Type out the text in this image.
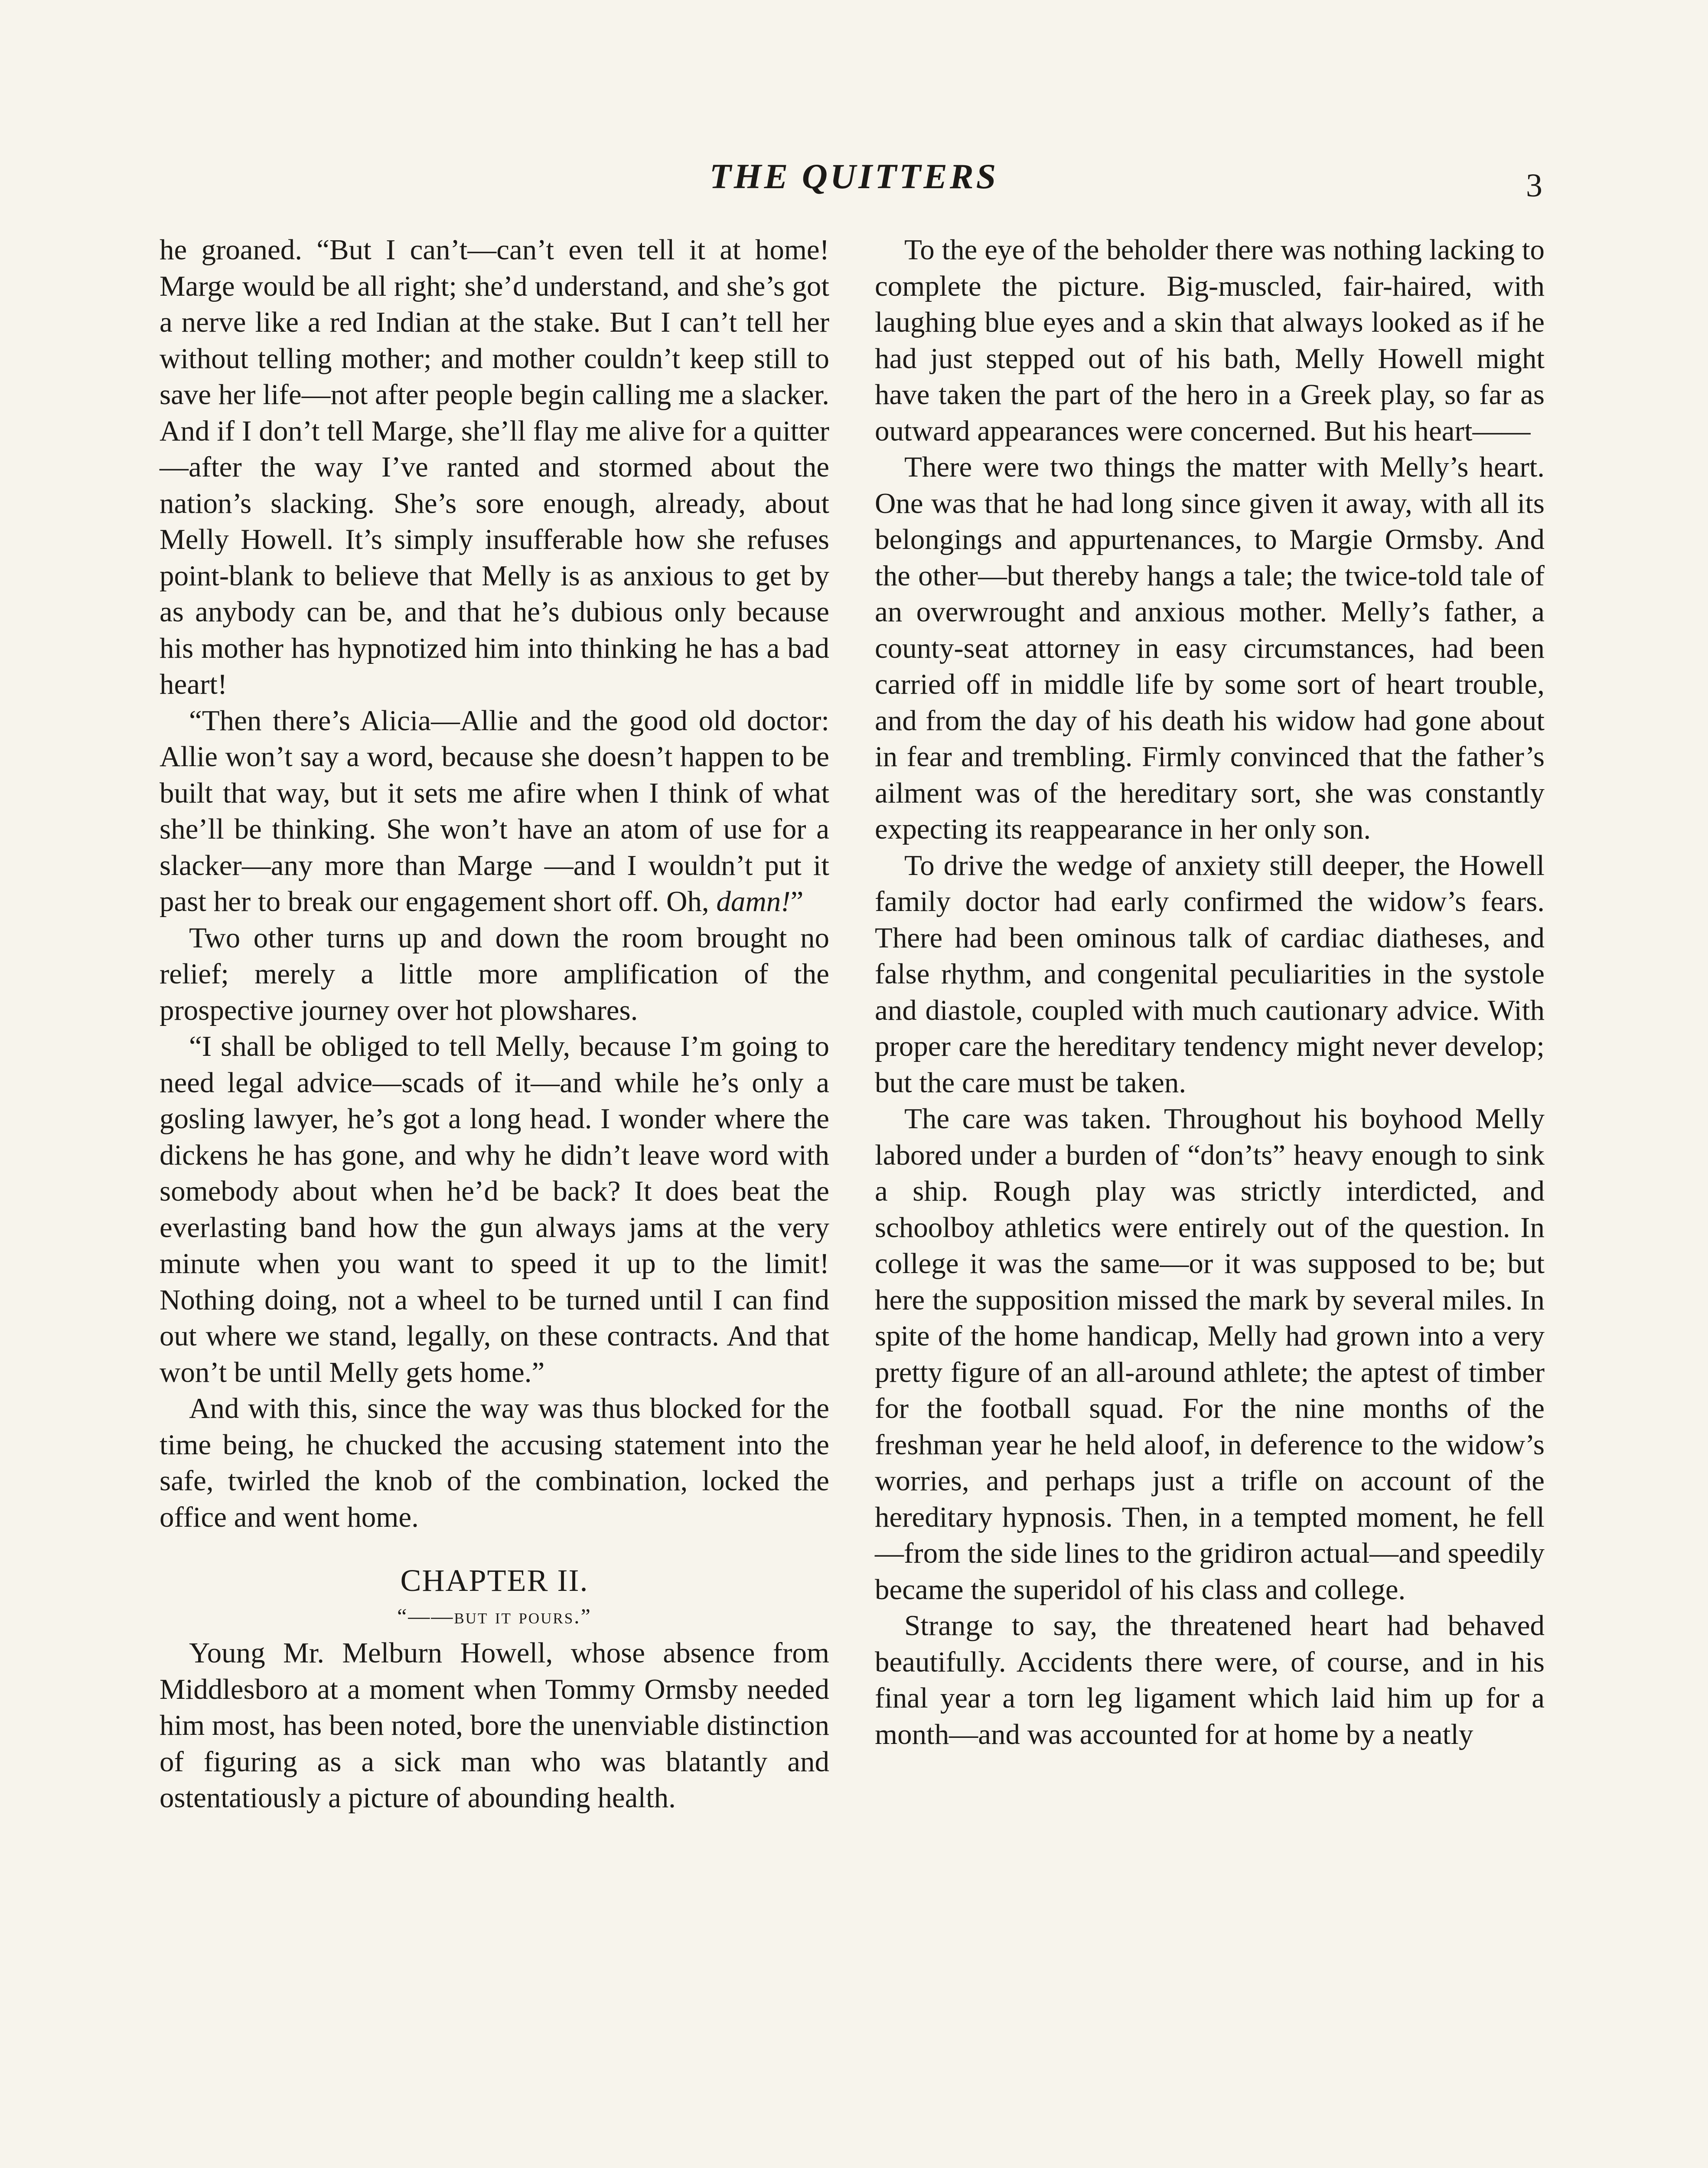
THE QUITTERS	3

he groaned. “But I can’t—can’t even tell it at home! Marge would be all right; she’d understand, and she’s got a nerve like a red Indian at the stake. But I can’t tell her without telling mother; and mother couldn’t keep still to save her life—not after people begin calling me a slacker. And if I don’t tell Marge, she’ll flay me alive for a quitter —after the way I’ve ranted and stormed about the nation’s slacking. She’s sore enough, already, about Melly Howell. It’s simply insufferable how she refuses point-blank to believe that Melly is as anxious to get by as anybody can be, and that he’s dubious only because his mother has hypnotized him into thinking he has a bad heart!

“Then there’s Alicia—Allie and the good old doctor: Allie won’t say a word, because she doesn’t happen to be built that way, but it sets me afire when I think of what she’ll be thinking. She won’t have an atom of use for a slacker—any more than Marge —and I wouldn’t put it past her to break our engagement short off. Oh, damn!”

Two other turns up and down the room brought no relief; merely a little more amplification of the prospective journey over hot plowshares.

“I shall be obliged to tell Melly, because I’m going to need legal advice—scads of it—and while he’s only a gosling lawyer, he’s got a long head. I wonder where the dickens he has gone, and why he didn’t leave word with somebody about when he’d be back? It does beat the everlasting band how the gun always jams at the very minute when you want to speed it up to the limit! Nothing doing, not a wheel to be turned until I can find out where we stand, legally, on these contracts. And that won’t be until Melly gets home.”

And with this, since the way was thus blocked for the time being, he chucked the accusing statement into the safe, twirled the knob of the combination, locked the office and went home.

CHAPTER II.
“——but it pours.”

Young Mr. Melburn Howell, whose absence from Middlesboro at a moment when Tommy Ormsby needed him most, has been noted, bore the unenviable distinction of figuring as a sick man who was blatantly and ostentatiously a picture of abounding health.

To the eye of the beholder there was nothing lacking to complete the picture. Big-muscled, fair-haired, with laughing blue eyes and a skin that always looked as if he had just stepped out of his bath, Melly Howell might have taken the part of the hero in a Greek play, so far as outward appearances were concerned. But his heart——

There were two things the matter with Melly’s heart. One was that he had long since given it away, with all its belongings and appurtenances, to Margie Ormsby. And the other—but thereby hangs a tale; the twice-told tale of an overwrought and anxious mother. Melly’s father, a county-seat attorney in easy circumstances, had been carried off in middle life by some sort of heart trouble, and from the day of his death his widow had gone about in fear and trembling. Firmly convinced that the father’s ailment was of the hereditary sort, she was constantly expecting its reappearance in her only son.

To drive the wedge of anxiety still deeper, the Howell family doctor had early confirmed the widow’s fears. There had been ominous talk of cardiac diatheses, and false rhythm, and congenital peculiarities in the systole and diastole, coupled with much cautionary advice. With proper care the hereditary tendency might never develop; but the care must be taken.

The care was taken. Throughout his boyhood Melly labored under a burden of “don’ts” heavy enough to sink a ship. Rough play was strictly interdicted, and schoolboy athletics were entirely out of the question. In college it was the same—or it was supposed to be; but here the supposition missed the mark by several miles. In spite of the home handicap, Melly had grown into a very pretty figure of an all-around athlete; the aptest of timber for the football squad. For the nine months of the freshman year he held aloof, in deference to the widow’s worries, and perhaps just a trifle on account of the hereditary hypnosis. Then, in a tempted moment, he fell—from the side lines to the gridiron actual—and speedily became the superidol of his class and college.

Strange to say, the threatened heart had behaved beautifully. Accidents there were, of course, and in his final year a torn leg ligament which laid him up for a month—and was accounted for at home by a neatly
